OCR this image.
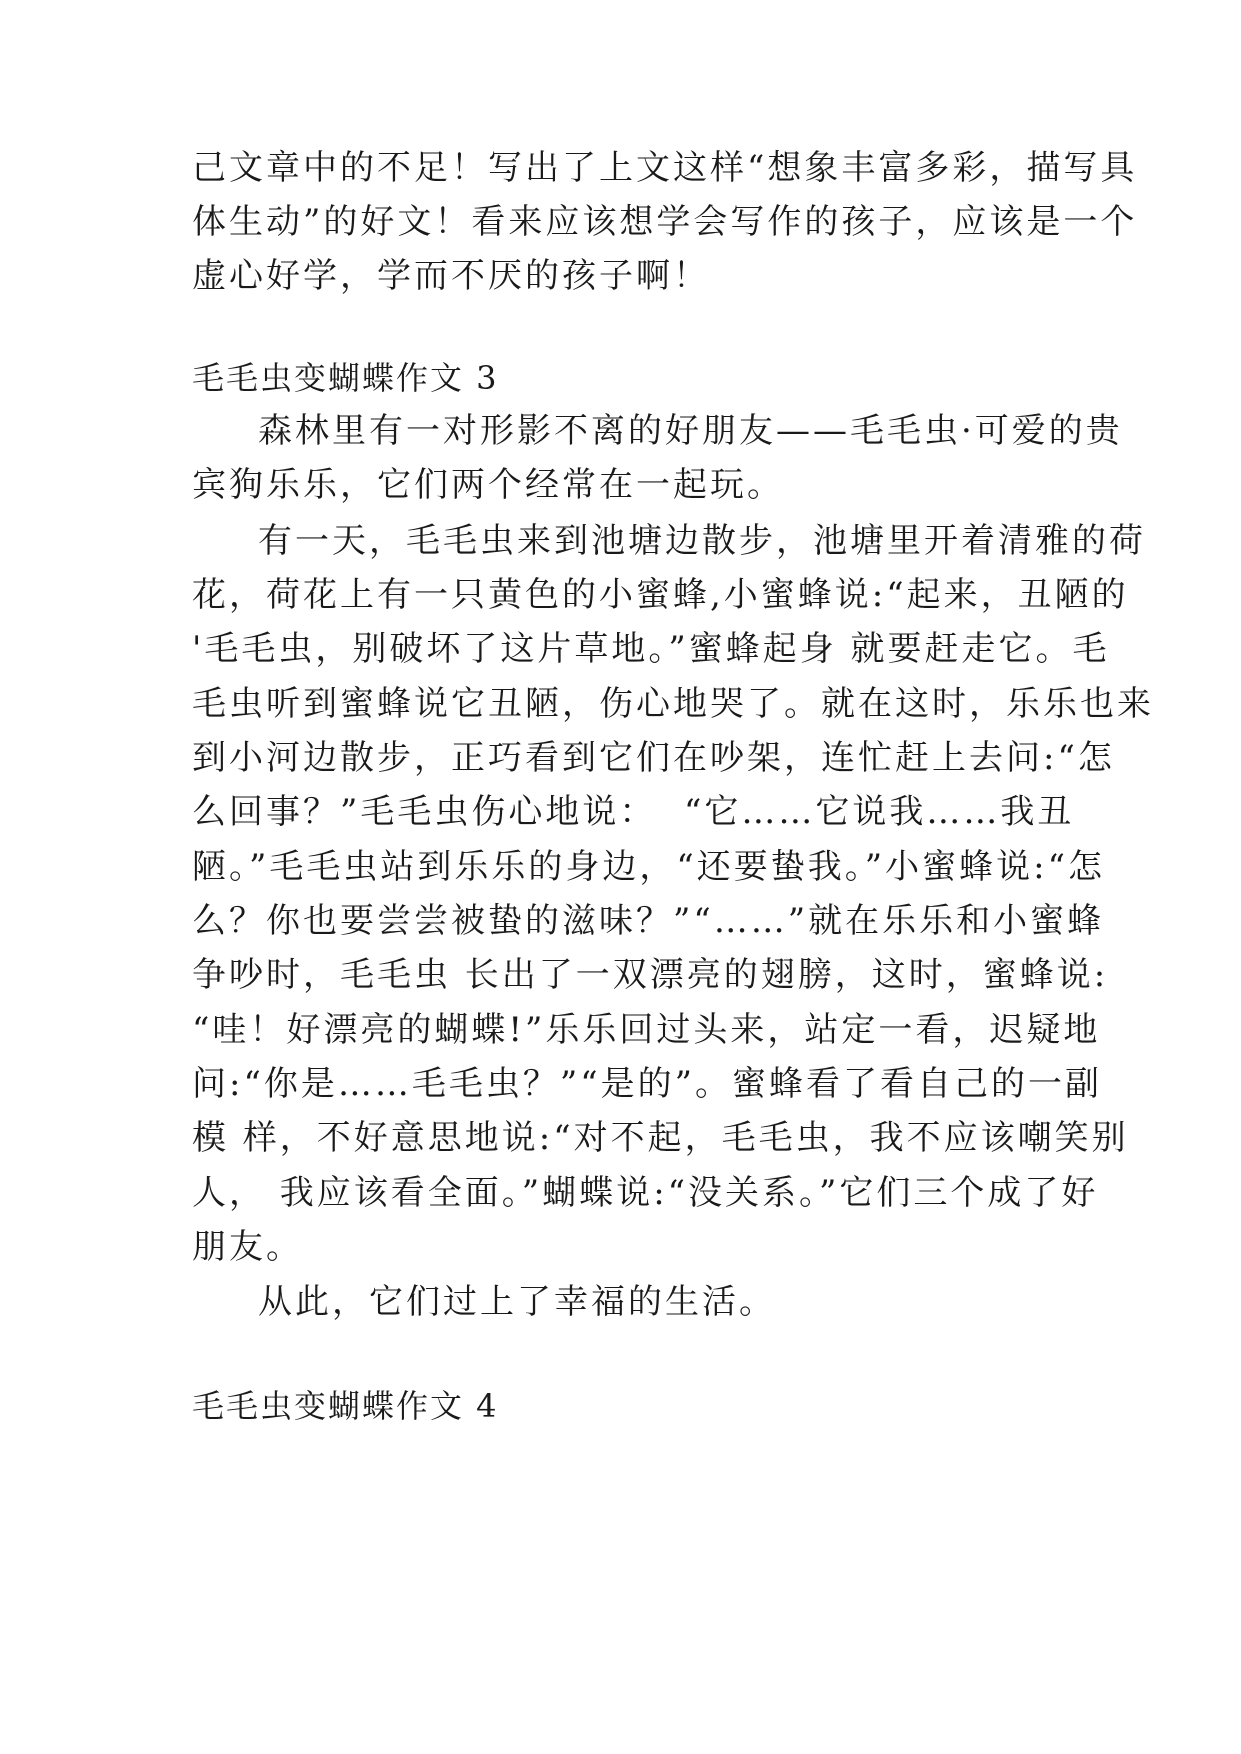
己文章中的不足！写出了上文这样“想象丰富多彩，描写具
体生动”的好文！看来应该想学会写作的孩子，应该是一个
虚心好学，学而不厌的孩子啊！
毛毛虫变蝴蝶作文 3
森林里有一对形影不离的好朋友——毛毛虫·可爱的贵
宾狗乐乐，它们两个经常在一起玩。
有一天，毛毛虫来到池塘边散步，池塘里开着清雅的荷
花，荷花上有一只黄色的小蜜蜂,小蜜蜂说:“起来，丑陋的
'毛毛虫，别破坏了这片草地。”蜜蜂起身 就要赶走它。毛
毛虫听到蜜蜂说它丑陋，伤心地哭了。就在这时，乐乐也来
到小河边散步，正巧看到它们在吵架，连忙赶上去问:“怎
么回事？”毛毛虫伤心地说：  “它……它说我……我丑
陋。”毛毛虫站到乐乐的身边，“还要蛰我。”小蜜蜂说:“怎
么？你也要尝尝被蛰的滋味？”“……”就在乐乐和小蜜蜂
争吵时，毛毛虫 长出了一双漂亮的翅膀，这时，蜜蜂说:
“哇！好漂亮的蝴蝶!”乐乐回过头来，站定一看，迟疑地
问:“你是……毛毛虫？”“是的”。蜜蜂看了看自己的一副
模 样，不好意思地说:“对不起，毛毛虫，我不应该嘲笑别
人， 我应该看全面。”蝴蝶说:“没关系。”它们三个成了好
朋友。
从此，它们过上了幸福的生活。
毛毛虫变蝴蝶作文 4
